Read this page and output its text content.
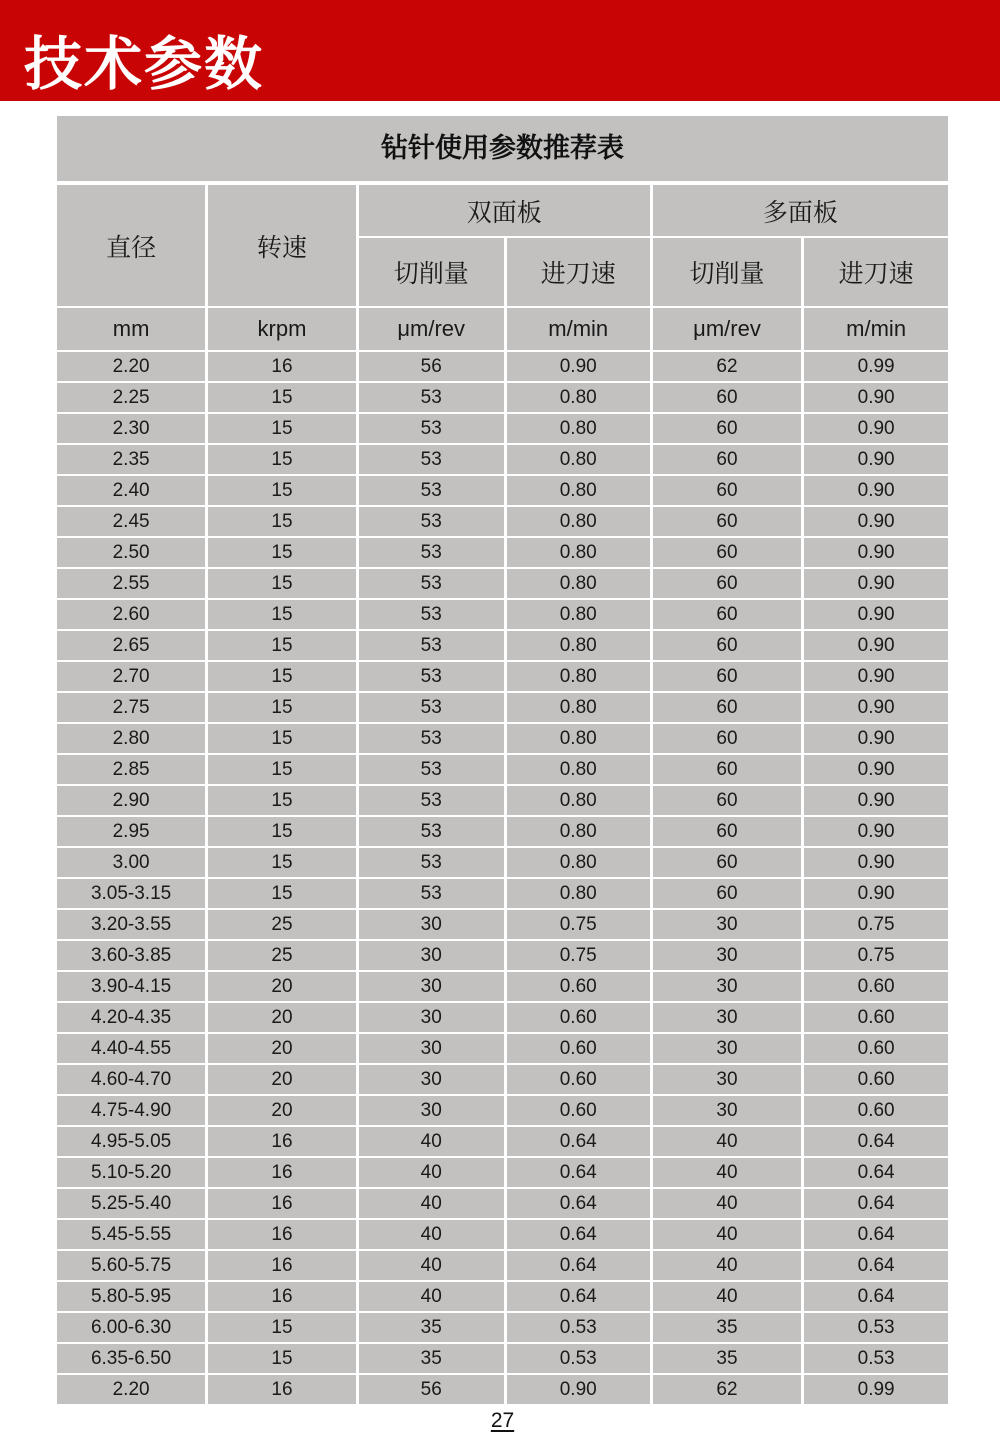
技术参数
钻针使用参数推荐表
直径	转速	双面板		多面板	
		切削量	进刀速	切削量	进刀速
mm	krpm	μm/rev	m/min	μm/rev	m/min
2.20	16	56	0.90	62	0.99
2.25	15	53	0.80	60	0.90
2.30	15	53	0.80	60	0.90
2.35	15	53	0.80	60	0.90
2.40	15	53	0.80	60	0.90
2.45	15	53	0.80	60	0.90
2.50	15	53	0.80	60	0.90
2.55	15	53	0.80	60	0.90
2.60	15	53	0.80	60	0.90
2.65	15	53	0.80	60	0.90
2.70	15	53	0.80	60	0.90
2.75	15	53	0.80	60	0.90
2.80	15	53	0.80	60	0.90
2.85	15	53	0.80	60	0.90
2.90	15	53	0.80	60	0.90
2.95	15	53	0.80	60	0.90
3.00	15	53	0.80	60	0.90
3.05-3.15	15	53	0.80	60	0.90
3.20-3.55	25	30	0.75	30	0.75
3.60-3.85	25	30	0.75	30	0.75
3.90-4.15	20	30	0.60	30	0.60
4.20-4.35	20	30	0.60	30	0.60
4.40-4.55	20	30	0.60	30	0.60
4.60-4.70	20	30	0.60	30	0.60
4.75-4.90	20	30	0.60	30	0.60
4.95-5.05	16	40	0.64	40	0.64
5.10-5.20	16	40	0.64	40	0.64
5.25-5.40	16	40	0.64	40	0.64
5.45-5.55	16	40	0.64	40	0.64
5.60-5.75	16	40	0.64	40	0.64
5.80-5.95	16	40	0.64	40	0.64
6.00-6.30	15	35	0.53	35	0.53
6.35-6.50	15	35	0.53	35	0.53
2.20	16	56	0.90	62	0.99
27
